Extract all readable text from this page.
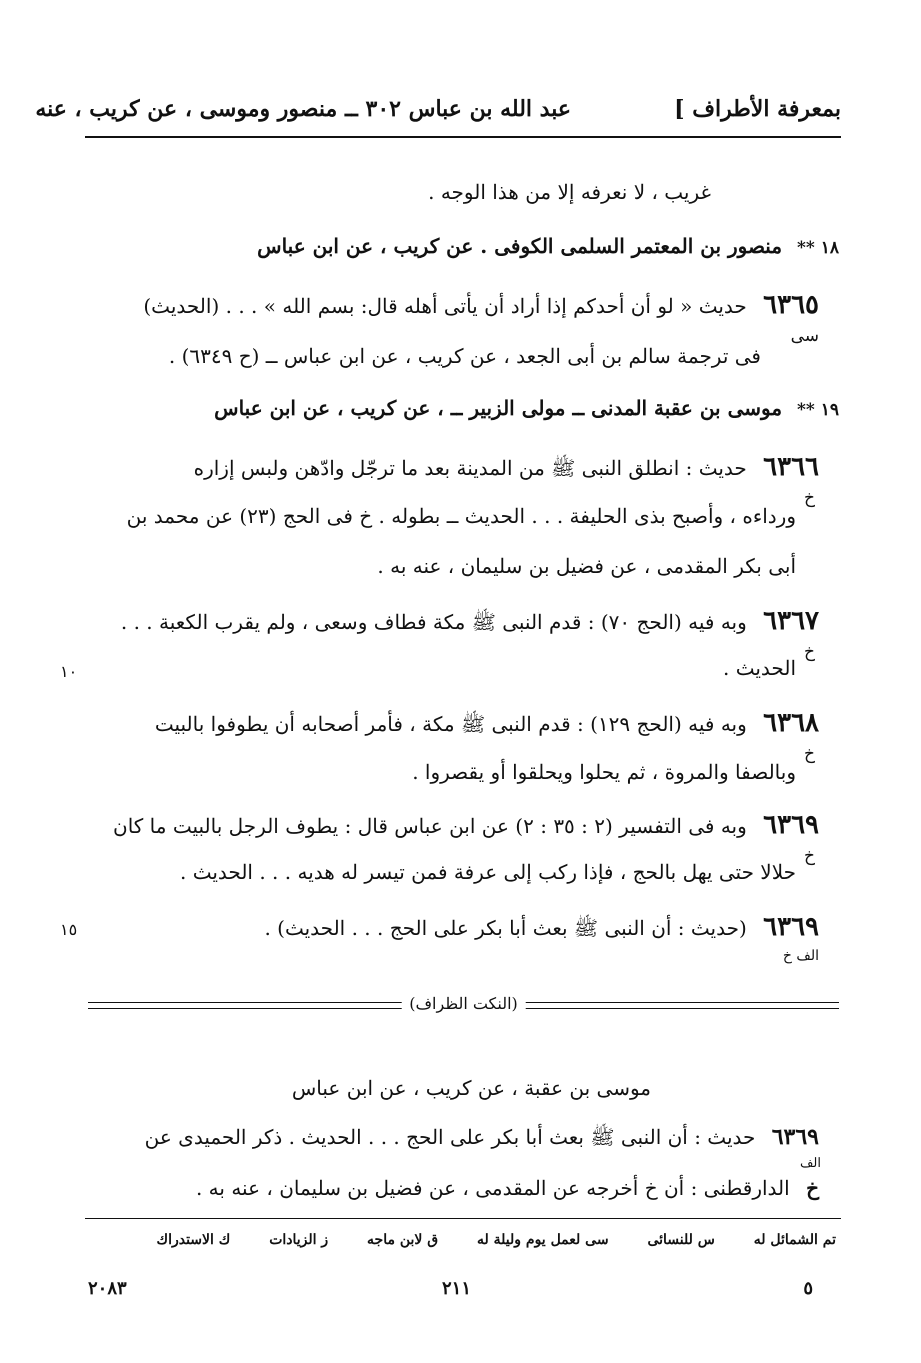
بمعرفة الأطراف ]
عبد الله بن عباس ٣٠٢ ــ منصور وموسى ، عن كريب ، عنه
غريب ، لا نعرفه إلا من هذا الوجه .
١٨ ** منصور بن المعتمر السلمى الكوفى . عن كريب ، عن ابن عباس
٦٣٦٥ حديث « لو أن أحدكم إذا أراد أن يأتى أهله قال: بسم الله » . . . (الحديث)
سى
فى ترجمة سالم بن أبى الجعد ، عن كريب ، عن ابن عباس ــ (ح ٦٣٤٩) .
١٩ ** موسى بن عقبة المدنى ــ مولى الزبير ــ ، عن كريب ، عن ابن عباس
٦٣٦٦ حديث : انطلق النبى ﷺ من المدينة بعد ما ترجّل وادّهن ولبس إزاره
خ
ورداءه ، وأصبح بذى الحليفة . . . الحديث ــ بطوله . خ فى الحج (٢٣) عن محمد بن
أبى بكر المقدمى ، عن فضيل بن سليمان ، عنه به .
٦٣٦٧ وبه فيه (الحج ٧٠) : قدم النبى ﷺ مكة فطاف وسعى ، ولم يقرب الكعبة . . .
خ
الحديث .
١٠
٦٣٦٨ وبه فيه (الحج ١٢٩) : قدم النبى ﷺ مكة ، فأمر أصحابه أن يطوفوا بالبيت
خ
وبالصفا والمروة ، ثم يحلوا ويحلقوا أو يقصروا .
٦٣٦٩ وبه فى التفسير (٢ : ٣٥ : ٢) عن ابن عباس قال : يطوف الرجل بالبيت ما كان
خ
حلالا حتى يهل بالحج ، فإذا ركب إلى عرفة فمن تيسر له هديه . . . الحديث .
٦٣٦٩ (حديث : أن النبى ﷺ بعث أبا بكر على الحج . . . الحديث) .
الف خ
١٥
(النكت الظراف)
موسى بن عقبة ، عن كريب ، عن ابن عباس
٦٣٦٩ حديث : أن النبى ﷺ بعث أبا بكر على الحج . . . الحديث . ذكر الحميدى عن
الف
خ الدارقطنى : أن خ أخرجه عن المقدمى ، عن فضيل بن سليمان ، عنه به .
تم الشمائل له س للنسائى سى لعمل يوم وليلة له ق لابن ماجه ز الزيادات ك الاستدراك
٥
٢١١
٢٠٨٣
